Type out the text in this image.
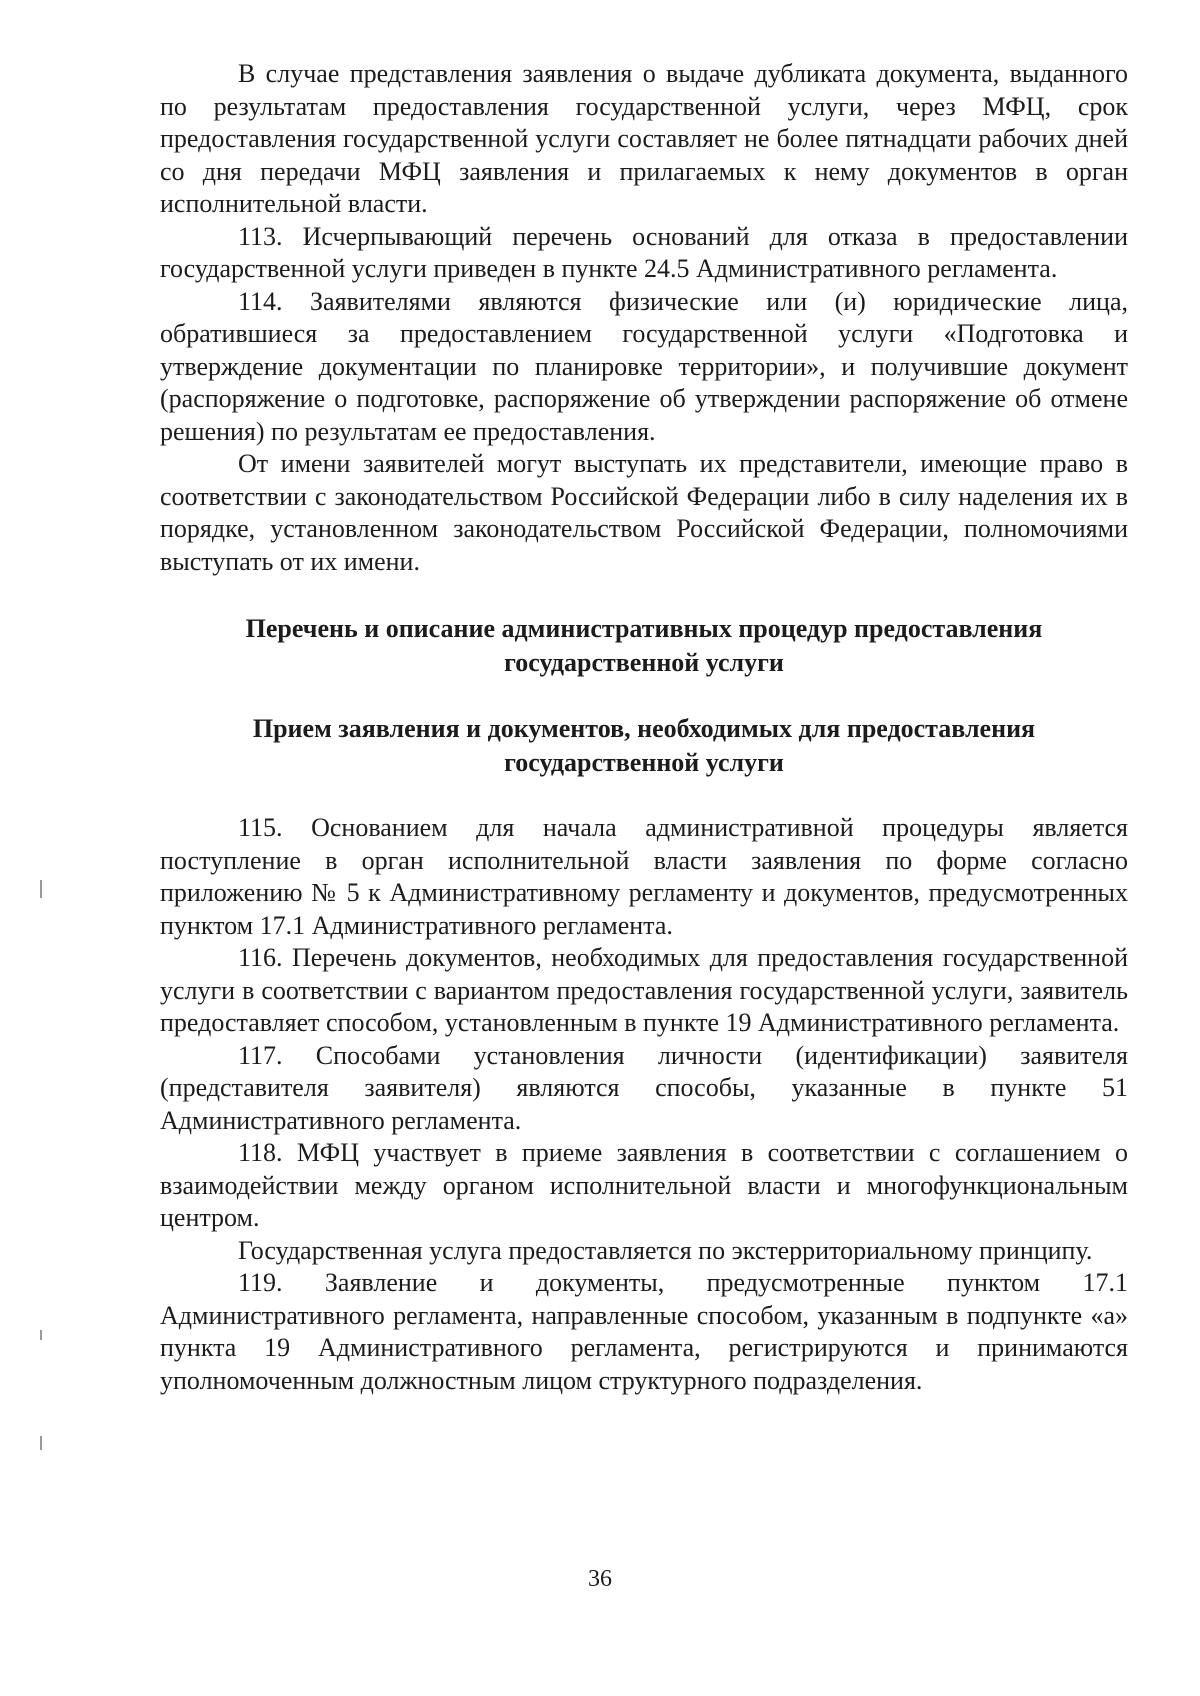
В случае представления заявления о выдаче дубликата документа, выданного по результатам предоставления государственной услуги, через МФЦ, срок предоставления государственной услуги составляет не более пятнадцати рабочих дней со дня передачи МФЦ заявления и прилагаемых к нему документов в орган исполнительной власти.

113. Исчерпывающий перечень оснований для отказа в предоставлении государственной услуги приведен в пункте 24.5 Административного регламента.

114. Заявителями являются физические или (и) юридические лица, обратившиеся за предоставлением государственной услуги «Подготовка и утверждение документации по планировке территории», и получившие документ (распоряжение о подготовке, распоряжение об утверждении распоряжение об отмене решения) по результатам ее предоставления.

От имени заявителей могут выступать их представители, имеющие право в соответствии с законодательством Российской Федерации либо в силу наделения их в порядке, установленном законодательством Российской Федерации, полномочиями выступать от их имени.

Перечень и описание административных процедур предоставления государственной услуги
Прием заявления и документов, необходимых для предоставления государственной услуги

115. Основанием для начала административной процедуры является поступление в орган исполнительной власти заявления по форме согласно приложению № 5 к Административному регламенту и документов, предусмотренных пунктом 17.1 Административного регламента.

116. Перечень документов, необходимых для предоставления государственной услуги в соответствии с вариантом предоставления государственной услуги, заявитель предоставляет способом, установленным в пункте 19 Административного регламента.

117. Способами установления личности (идентификации) заявителя (представителя заявителя) являются способы, указанные в пункте 51 Административного регламента.

118. МФЦ участвует в приеме заявления в соответствии с соглашением о взаимодействии между органом исполнительной власти и многофункциональным центром.

Государственная услуга предоставляется по экстерриториальному принципу.

119. Заявление и документы, предусмотренные пунктом 17.1 Административного регламента, направленные способом, указанным в подпункте «а» пункта 19 Административного регламента, регистрируются и принимаются уполномоченным должностным лицом структурного подразделения.

36
